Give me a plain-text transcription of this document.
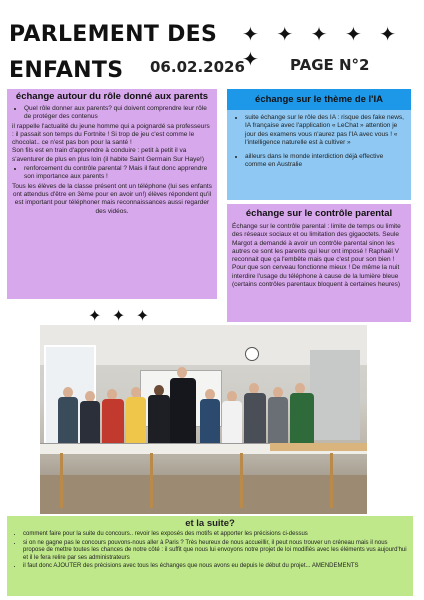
PARLEMENT DES
ENFANTS 06.02.2026	PAGE N°2
✦ ✦ ✦ ✦ ✦ ✦
échange autour du rôle donné aux parents
• Quel rôle donner aux parents? qui doivent comprendre leur rôle de protéger des contenus

il rappelle l'actualité du jeune homme qui a poignardé sa professeurs : il passait son temps du Fortnite ! Si trop de jeu c'est comme le chocolat.. ce n'est pas bon pour la santé !

Son fils est en train d'apprendre à conduire : petit à petit il va s'aventurer de plus en plus loin (il habite Saint Germain Sur Haye!)

• renforcement du contrôle parental ? Mais il faut donc apprendre son importance aux parents !

Tous les élèves de la classe présent ont un téléphone (lui ses enfants ont attendus d'être en 3ème pour en avoir un!) élèves répondent qu'il est important pour téléphoner mais reconnaissances aussi regarder des vidéos.

échange sur le thème de l'IA
• suite échange sur le rôle des IA : risque des fake news, IA française avec l'application « LeChat » attention je jour des examens vous n'aurez pas l'IA avec vous ! « l'intelligence naturelle est à cultiver »
• ailleurs dans le monde interdiction déjà effective comme en Australie
échange sur le contrôle parental

Échange sur le contrôle parental : limite de temps ou limite des réseaux sociaux et ou limitation des gigaoctets. Seule Margot a demandé à avoir un contrôle parental sinon les autres ce sont les parents qui leur ont imposé ! Raphaël V reconnait que ça l'embête mais que c'est pour son bien ! Pour que son cerveau fonctionne mieux ! De même la nuit interdire l'usage du téléphone à cause de la lumière bleue (certains contrôles parentaux bloquent à certaines heures)

✦ ✦ ✦
et la suite?
• comment faire pour la suite du concours.. revoir les exposés des motifs et apporter les précisions ci-dessus
• si on ne gagne pas le concours pouvons-nous aller à Paris ? Très heureux de nous accueillir, il peut nous trouver un créneau mais il nous propose de mettre toutes les chances de notre côté : il suffit que nous lui envoyons notre projet de loi modifiés avec les éléments vus aujourd'hui et il le fera relire par ses administrateurs
• il faut donc AJOUTER des précisions avec tous les échanges que nous avons eu depuis le début du projet... AMENDEMENTS
